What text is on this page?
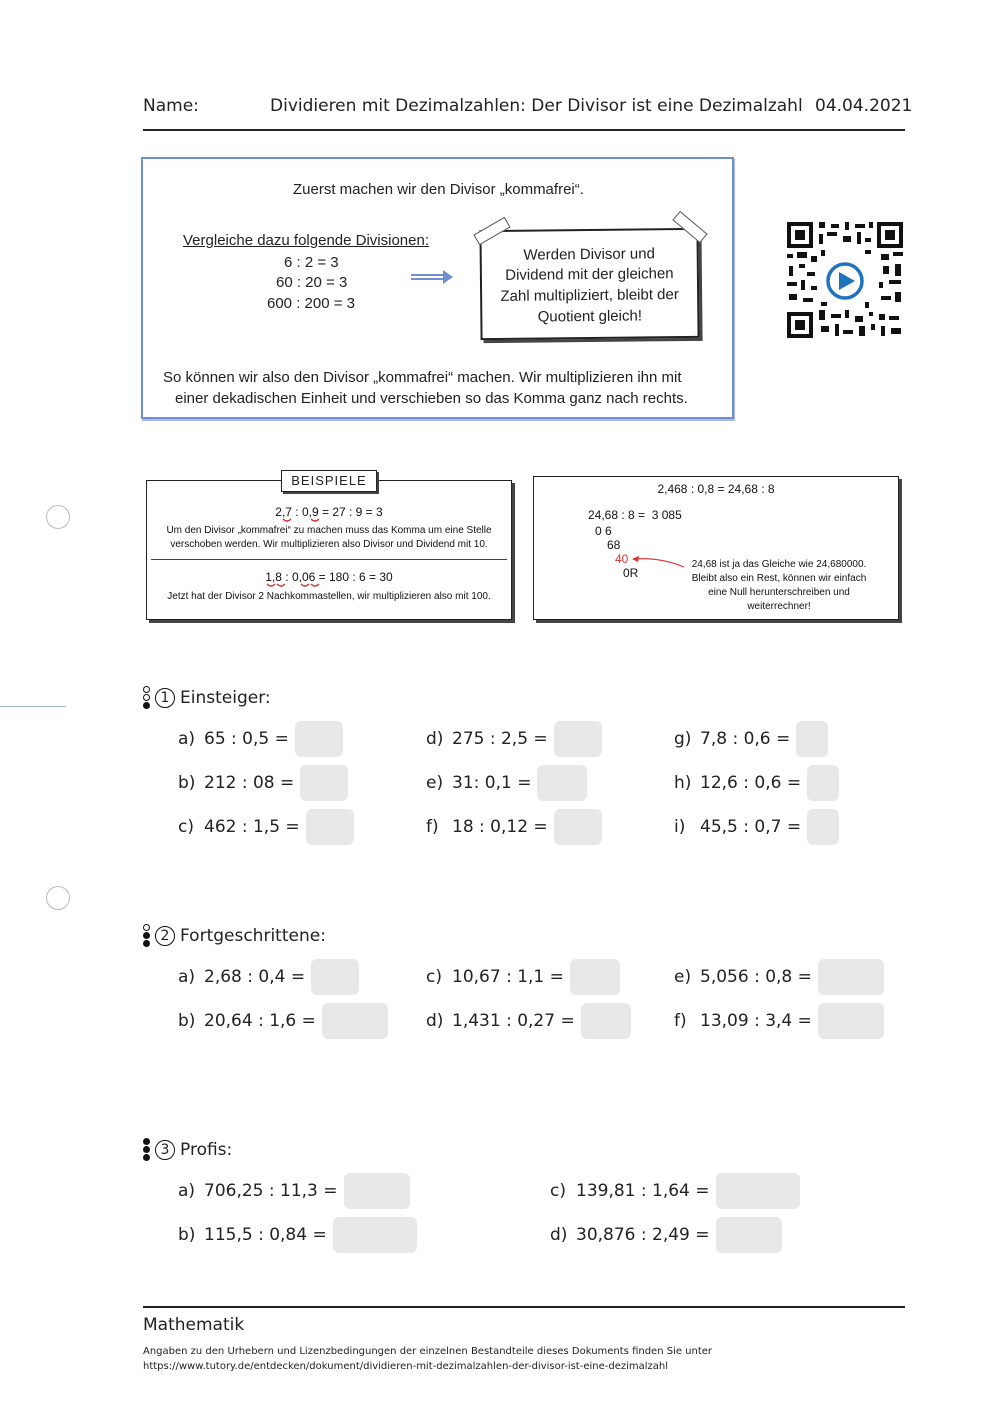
Name:	Dividieren mit Dezimalzahlen: Der Divisor ist eine Dezimalzahl 04.04.2021
Zuerst machen wir den Divisor „kommafrei“.
Vergleiche dazu folgende Divisionen:
6 : 2 = 3
60 : 20 = 3
600 : 200 = 3
So können wir also den Divisor „kommafrei“ machen. Wir multiplizieren ihn mit
einer dekadischen Einheit und verschieben so das Komma ganz nach rechts.
Werden Divisor und
Dividend mit der gleichen
Zahl multipliziert, bleibt der
Quotient gleich!
2,7 : 0,9 = 27 : 9 = 3
Um den Divisor „kommafrei“ zu machen muss das Komma um eine Stelle
verschoben werden. Wir multiplizieren also Divisor und Dividend mit 10.
1,8 : 0,06 = 180 : 6 = 30
Jetzt hat der Divisor 2 Nachkommastellen, wir multiplizieren also mit 100.
BEISPIELE
2,468 : 0,8 = 24,68 : 8
24,68 : 8 =  3 085
0 6
68
40
0R
24,68 ist ja das Gleiche wie 24,680000.
Bleibt also ein Rest, können wir einfach
eine Null herunterschreiben und
weiterrechner!
1 Einsteiger:
a) 65 : 0,5 =
b) 212 : 08 =
c) 462 : 1,5 =
d) 275 : 2,5 =
e) 31: 0,1 =
f) 18 : 0,12 =
g) 7,8 : 0,6 =
h) 12,6 : 0,6 =
i) 45,5 : 0,7 =
2 Fortgeschrittene:
a) 2,68 : 0,4 =
b) 20,64 : 1,6 =
c) 10,67 : 1,1 =
d) 1,431 : 0,27 =
e) 5,056 : 0,8 =
f) 13,09 : 3,4 =
3 Profis:
a) 706,25 : 11,3 =
b) 115,5 : 0,84 =
c) 139,81 : 1,64 =
d) 30,876 : 2,49 =
Mathematik
Angaben zu den Urhebern und Lizenzbedingungen der einzelnen Bestandteile dieses Dokuments finden Sie unter
https://www.tutory.de/entdecken/dokument/dividieren-mit-dezimalzahlen-der-divisor-ist-eine-dezimalzahl
